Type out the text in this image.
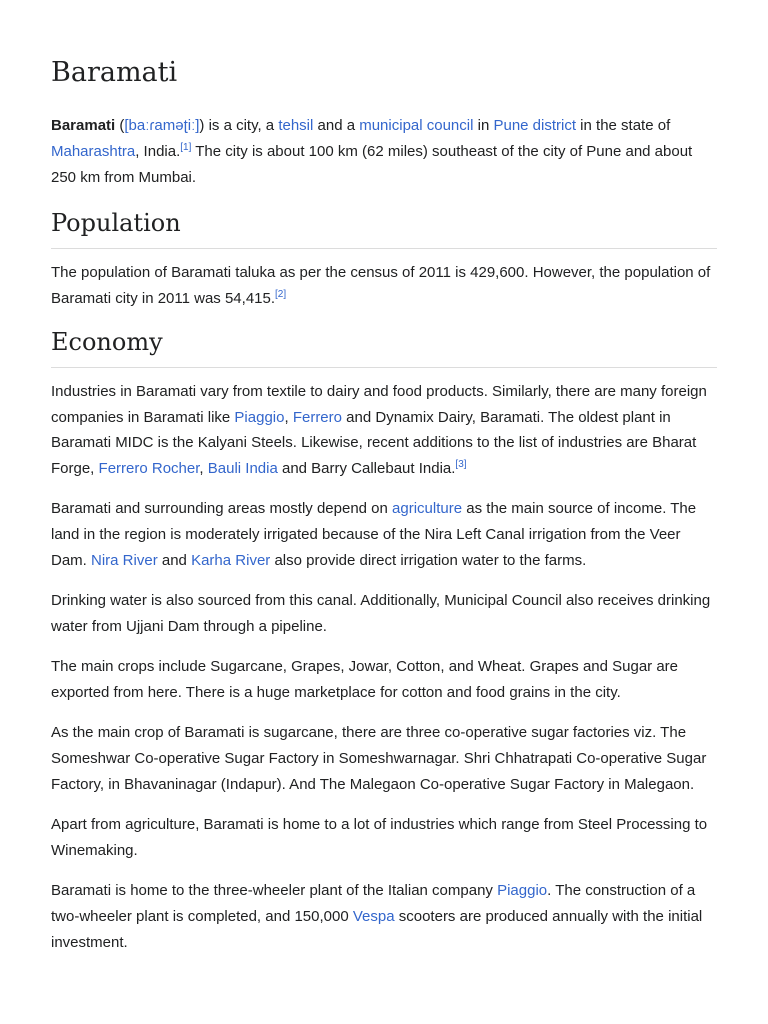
Baramati

Baramati ([baːɾaməʈiː]) is a city, a tehsil and a municipal council in Pune district in the state of Maharashtra, India.[1] The city is about 100 km (62 miles) southeast of the city of Pune and about 250 km from Mumbai.

Population

The population of Baramati taluka as per the census of 2011 is 429,600. However, the population of Baramati city in 2011 was 54,415.[2]

Economy

Industries in Baramati vary from textile to dairy and food products. Similarly, there are many foreign companies in Baramati like Piaggio, Ferrero and Dynamix Dairy, Baramati. The oldest plant in Baramati MIDC is the Kalyani Steels. Likewise, recent additions to the list of industries are Bharat Forge, Ferrero Rocher, Bauli India and Barry Callebaut India.[3]

Baramati and surrounding areas mostly depend on agriculture as the main source of income. The land in the region is moderately irrigated because of the Nira Left Canal irrigation from the Veer Dam. Nira River and Karha River also provide direct irrigation water to the farms.

Drinking water is also sourced from this canal. Additionally, Municipal Council also receives drinking water from Ujjani Dam through a pipeline.

The main crops include Sugarcane, Grapes, Jowar, Cotton, and Wheat. Grapes and Sugar are exported from here. There is a huge marketplace for cotton and food grains in the city.

As the main crop of Baramati is sugarcane, there are three co-operative sugar factories viz. The Someshwar Co-operative Sugar Factory in Someshwarnagar. Shri Chhatrapati Co-operative Sugar Factory, in Bhavaninagar (Indapur). And The Malegaon Co-operative Sugar Factory in Malegaon.

Apart from agriculture, Baramati is home to a lot of industries which range from Steel Processing to Winemaking.

Baramati is home to the three-wheeler plant of the Italian company Piaggio. The construction of a two-wheeler plant is completed, and 150,000 Vespa scooters are produced annually with the initial investment.
